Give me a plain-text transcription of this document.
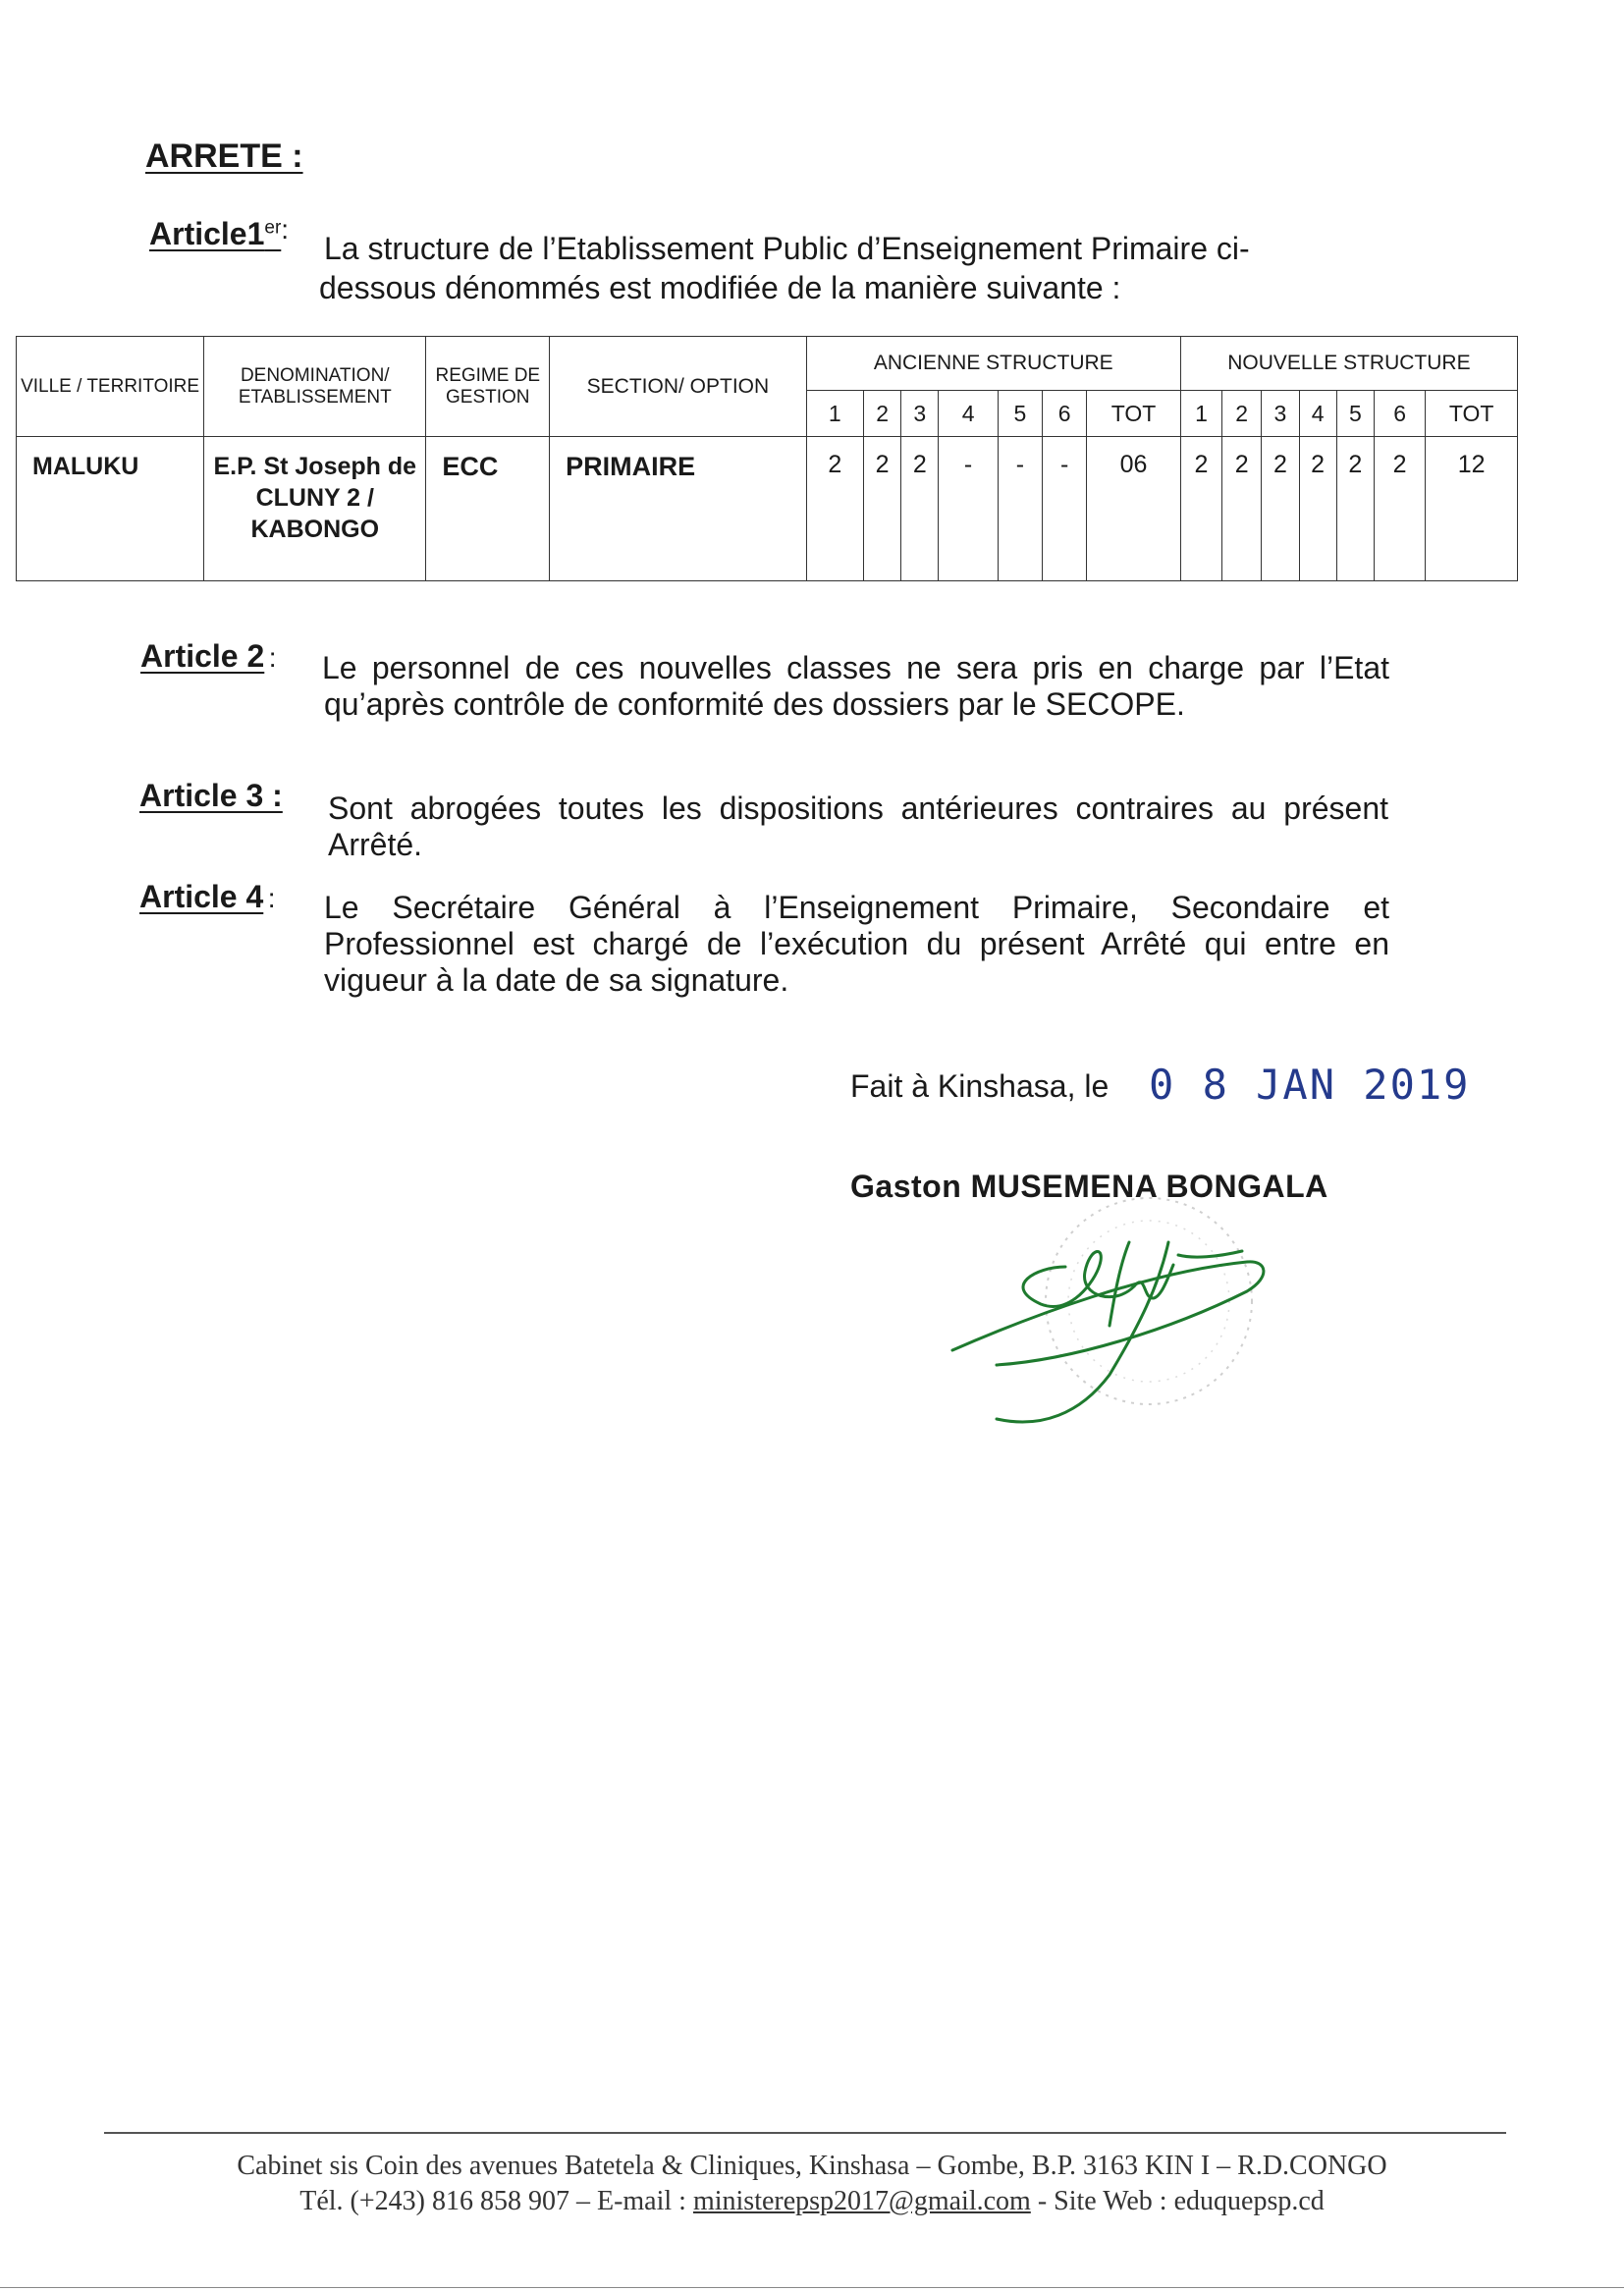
ARRETE :
$Article1^{er:}$
La structure de l’Etablissement Public d’Enseignement Primaire ci-
dessous dénommés est modifiée de la manière suivante :
VILLE / TERRITOIRE	DENOMINATION/ ETABLISSEMENT	REGIME DE GESTION	SECTION/ OPTION	ANCIENNE STRUCTURE							NOUVELLE STRUCTURE						
				1	2	3	4	5	6	TOT	1	2	3	4	5	6	TOT
MALUKU	E.P. St Joseph de CLUNY 2 / KABONGO	ECC	PRIMAIRE	2	2	2	-	-	-	06	2	2	2	2	2	2	12
Article 2 : Le personnel de ces nouvelles classes ne sera pris en charge par l’Etat qu’après contrôle de conformité des dossiers par le SECOPE.
Article 3 : Sont abrogées toutes les dispositions antérieures contraires au présent Arrêté.
Article 4 : Le Secrétaire Général à l’Enseignement Primaire, Secondaire et Professionnel est chargé de l’exécution du présent Arrêté qui entre en vigueur à la date de sa signature.
Fait à Kinshasa, le 0 8 JAN 2019
Gaston MUSEMENA BONGALA
Cabinet sis Coin des avenues Batetela & Cliniques, Kinshasa – Gombe, B.P. 3163 KIN I – R.D.CONGO
Tél. (+243) 816 858 907 – E-mail : ministerepsp2017@gmail.com - Site Web : eduquepsp.cd
